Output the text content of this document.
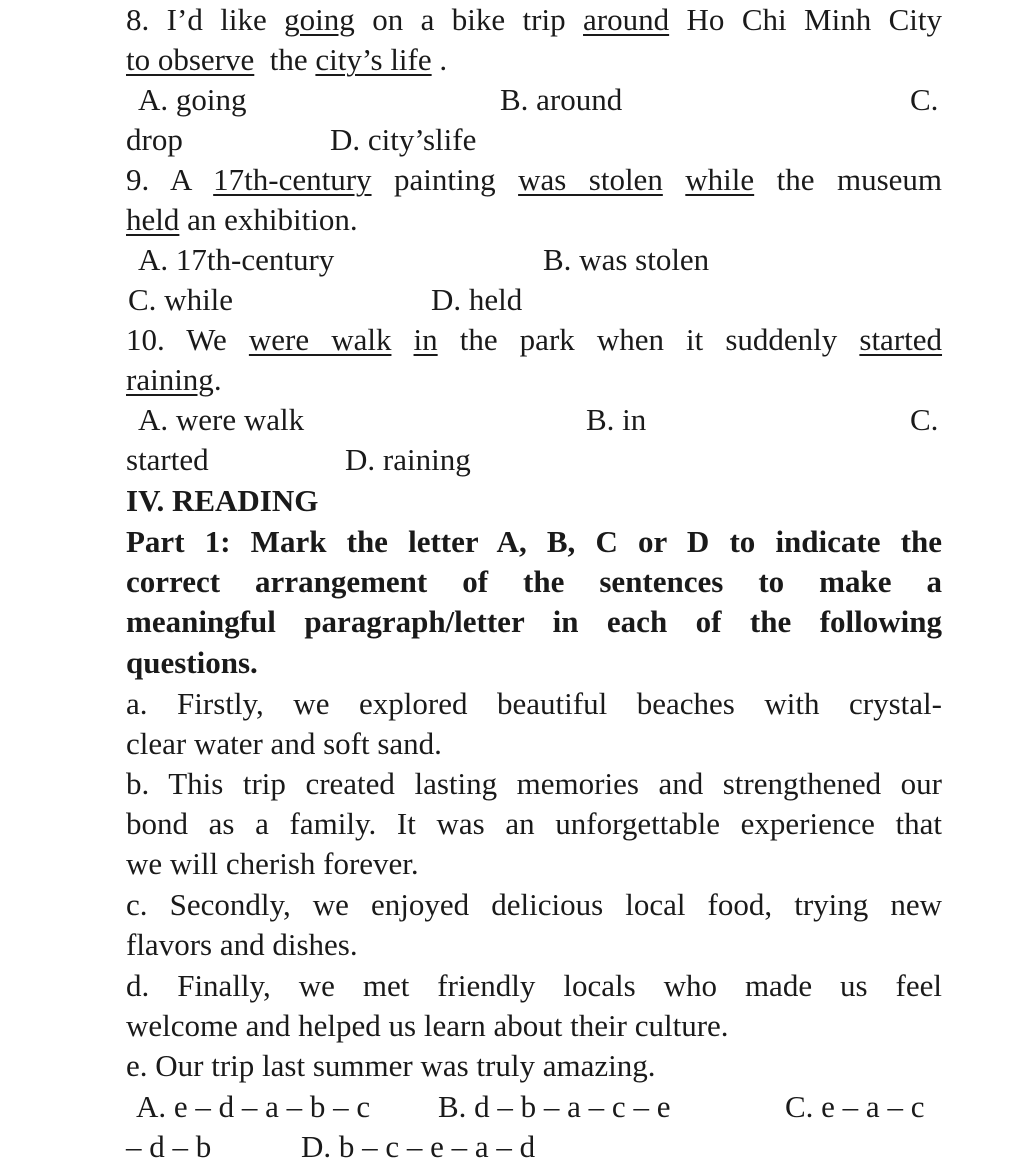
8. I’d like going on a bike trip around Ho Chi Minh City
to observe the city’s life .
A. going	B. around	C.
drop	D. city’slife
9. A 17th-century painting was stolen while the museum
held an exhibition.
A. 17th-century	B. was stolen
C. while	D. held
10. We were walk in the park when it suddenly started
raining.
A. were walk	B. in	C.
started	D. raining
IV. READING
Part 1: Mark the letter A, B, C or D to indicate the
correct arrangement of the sentences to make a
meaningful paragraph/letter in each of the following
questions.
a. Firstly, we explored beautiful beaches with crystal-
clear water and soft sand.
b. This trip created lasting memories and strengthened our
bond as a family. It was an unforgettable experience that
we will cherish forever.
c. Secondly, we enjoyed delicious local food, trying new
flavors and dishes.
d. Finally, we met friendly locals who made us feel
welcome and helped us learn about their culture.
e. Our trip last summer was truly amazing.
A. e – d – a – b – c B. d – b – a – c – e	C. e – a – c
– d – b	D. b – c – e – a – d
